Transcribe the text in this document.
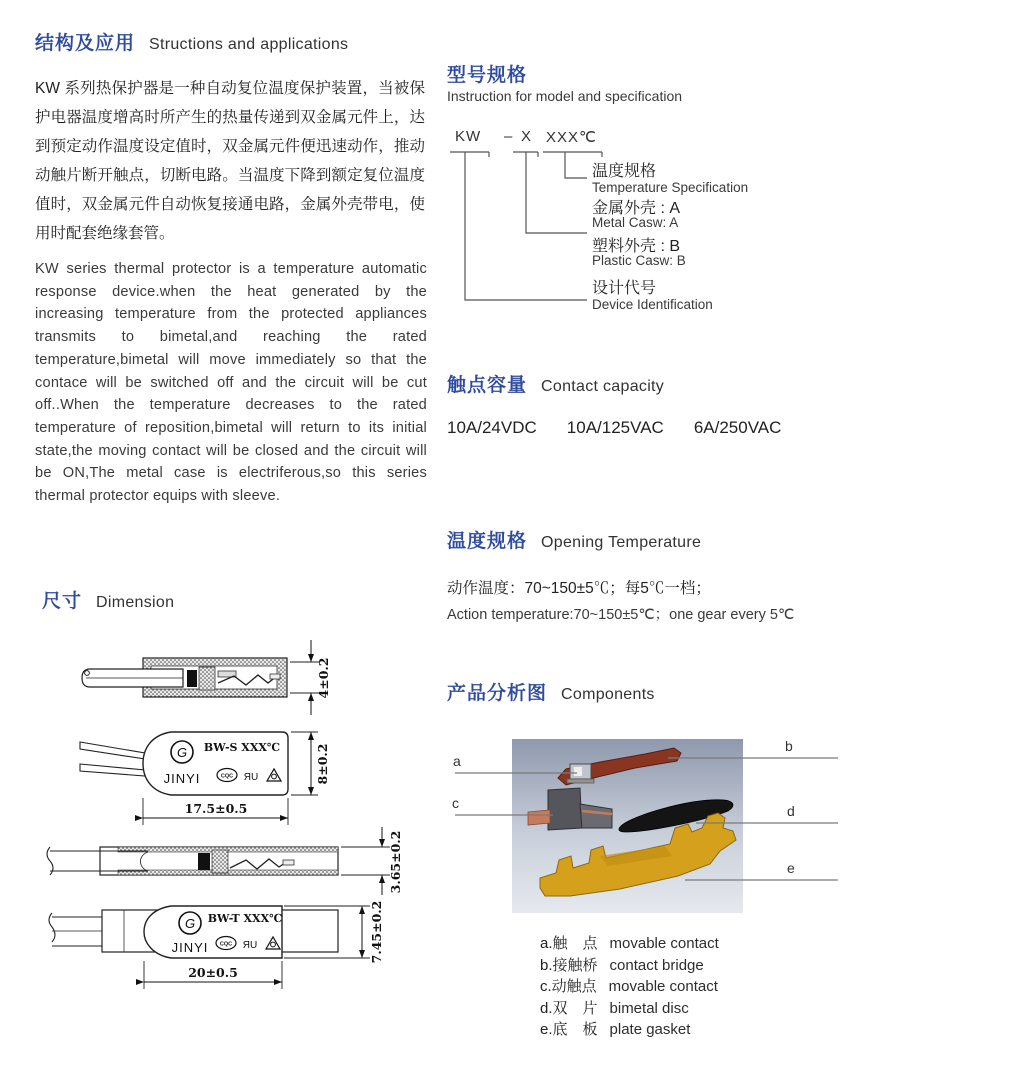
结构及应用 Structions and applications
KW 系列热保护器是一种自动复位温度保护装置，当被保护电器温度增高时所产生的热量传递到双金属元件上，达到预定动作温度设定值时，双金属元件便迅速动作，推动动触片断开触点，切断电路。当温度下降到额定复位温度值时，双金属元件自动恢复接通电路，金属外壳带电，使用时配套绝缘套管。
KW series thermal protector is a temperature automatic response device.when the heat generated by the increasing temperature from the protected appliances transmits to bimetal,and reaching the rated temperature,bimetal will move immediately so that the contace will be switched off and the circuit will be cut off..When the temperature decreases to the rated temperature of reposition,bimetal will return to its initial state,the moving contact will be closed and the circuit will be ON,The metal case is electriferous,so this series thermal protector equips with sleeve.
尺寸 Dimension
4±0.2
G
JINYI
BW-S XXX℃
CQC ЯU	8±0.2
17.5±0.5
3.65±0.2
G
JINYI
BW-T XXX℃
CQC ЯU
20±0.5
7.45±0.2
型号规格
Instruction for model and specification
KW – X XXX℃
温度规格
Temperature Specification
金属外壳 : A
Metal Casw: A
塑料外壳 : B
Plastic Casw: B
设计代号
Device Identification
触点容量 Contact capacity
10A/24VDC 10A/125VAC 6A/250VAC
温度规格 Opening Temperature
动作温度：70~150±5℃；每5℃一档；
Action temperature:70~150±5℃；one gear every 5℃
产品分析图 Components
a
b
c	d
e
a.触　点 movable contact
b.接触桥 contact bridge
c.动触点 movable contact
d.双　片 bimetal disc
e.底　板 plate gasket
